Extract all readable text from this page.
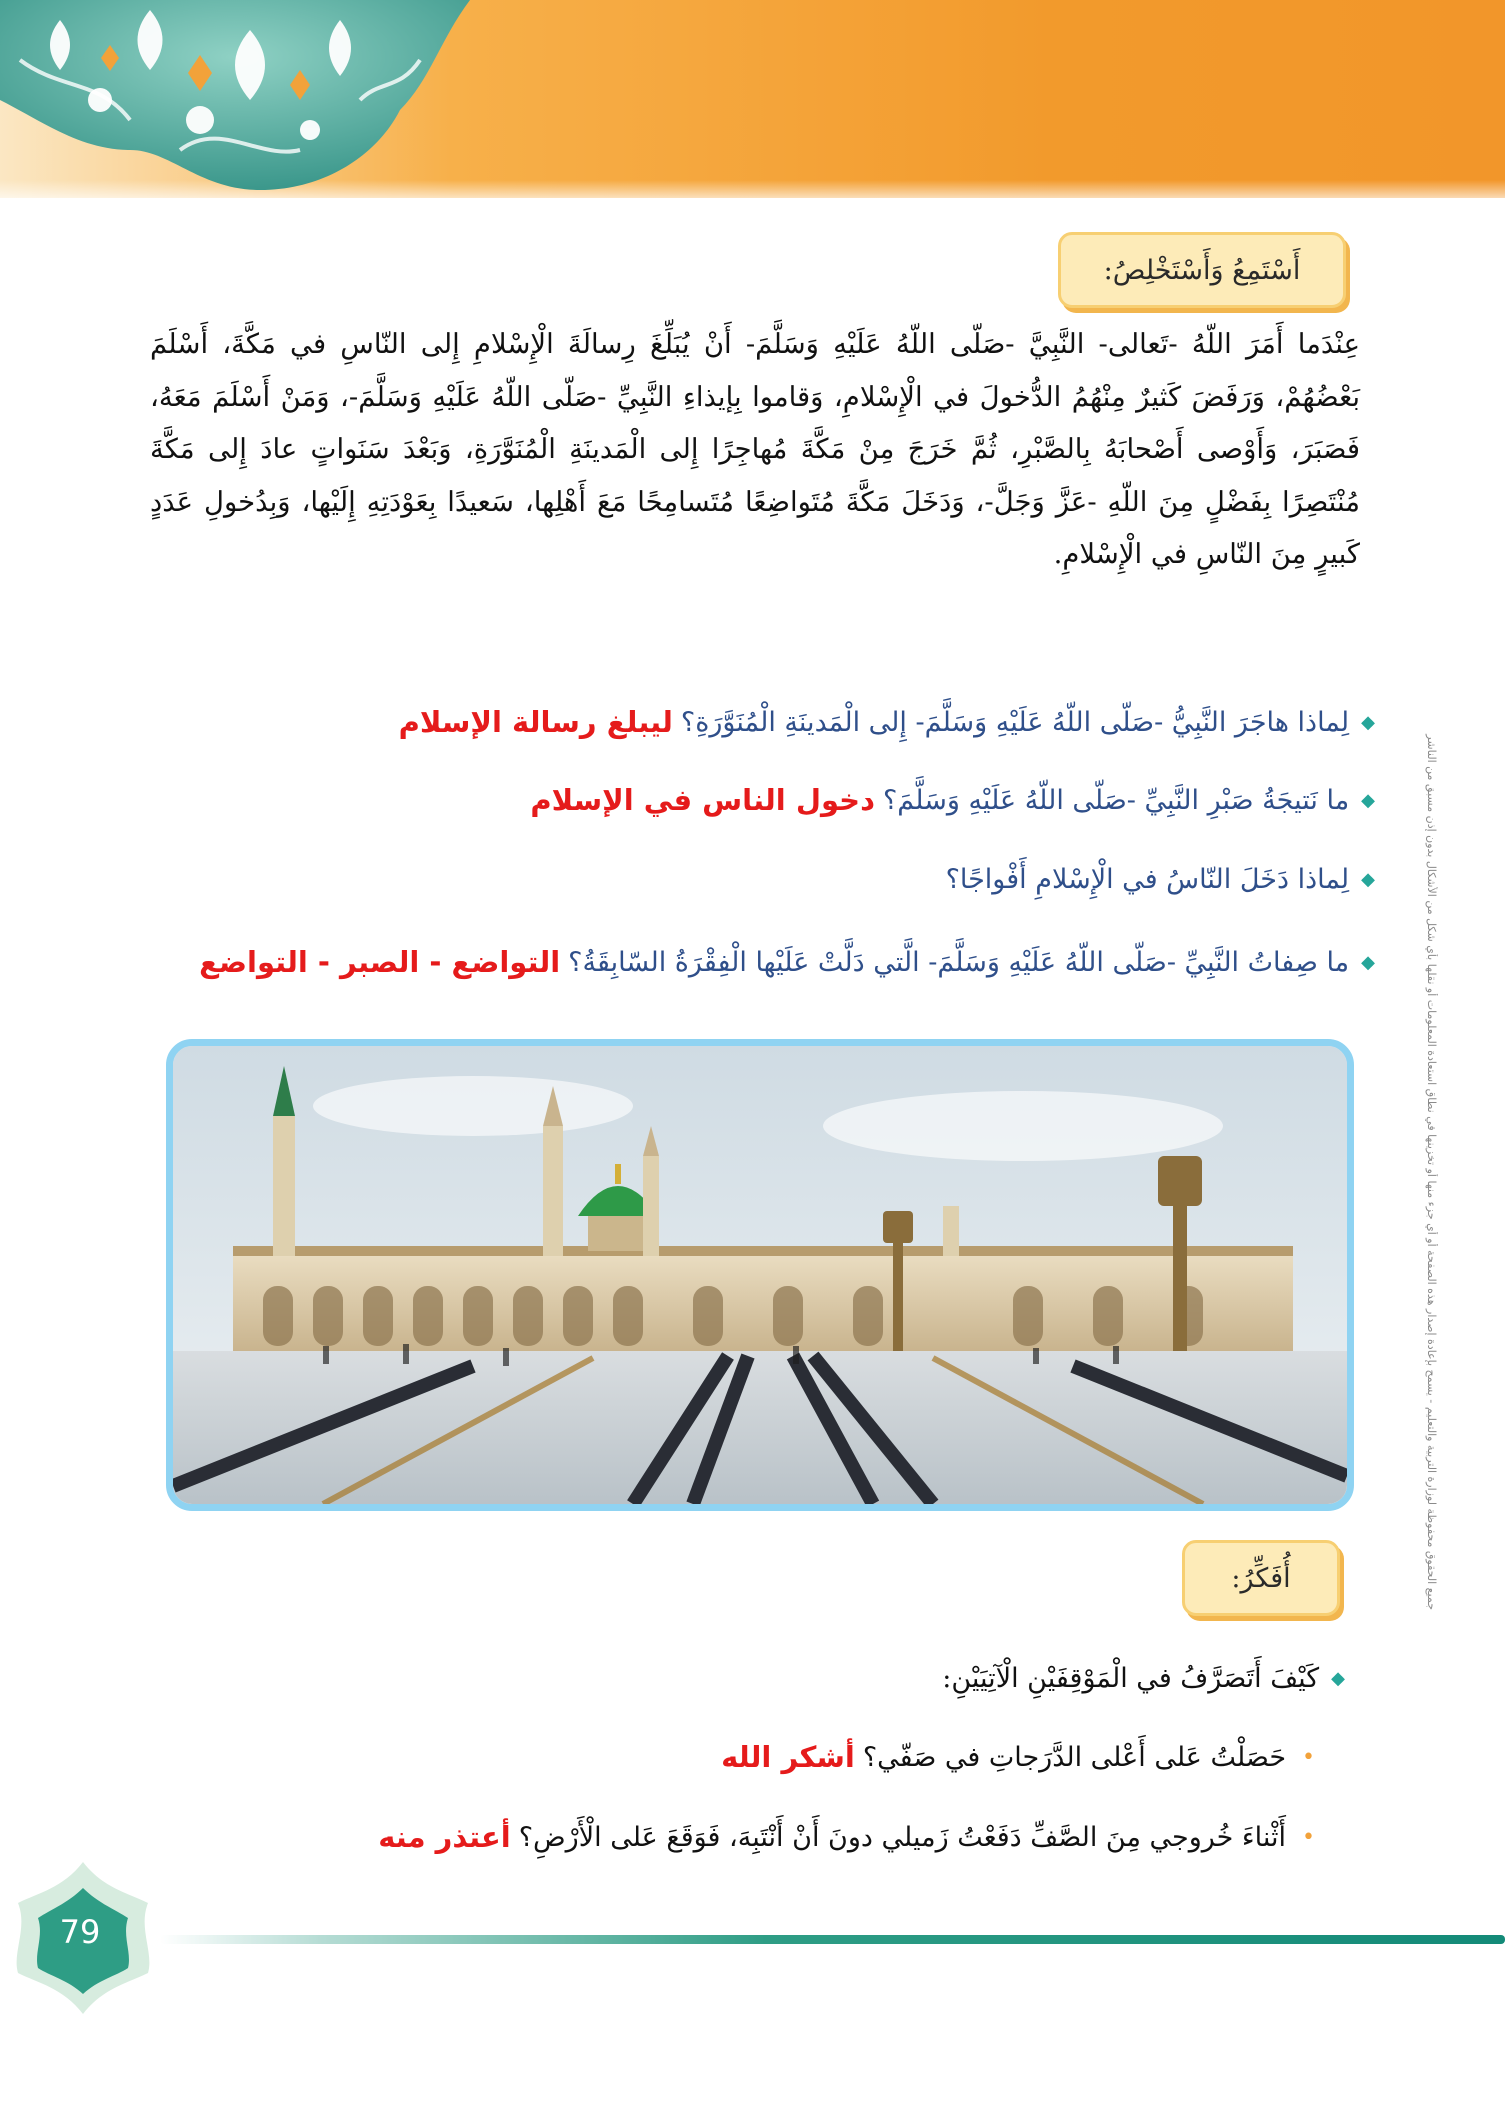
أَسْتَمِعُ وَأَسْتَخْلِصُ:
عِنْدَما أَمَرَ اللّهُ -تَعالى- النَّبِيَّ -صَلّى اللّهُ عَلَيْهِ وَسَلَّمَ- أَنْ يُبَلِّغَ رِسالَةَ الْإِسْلامِ إِلى النّاسِ في مَكَّةَ، أَسْلَمَ بَعْضُهُمْ، وَرَفَضَ كَثيرٌ مِنْهُمُ الدُّخولَ في الْإِسْلامِ، وَقاموا بِإيذاءِ النَّبِيِّ -صَلّى اللّهُ عَلَيْهِ وَسَلَّمَ-، وَمَنْ أَسْلَمَ مَعَهُ، فَصَبَرَ، وَأَوْصى أَصْحابَهُ بِالصَّبْرِ، ثُمَّ خَرَجَ مِنْ مَكَّةَ مُهاجِرًا إِلى الْمَدينَةِ الْمُنَوَّرَةِ، وَبَعْدَ سَنَواتٍ عادَ إِلى مَكَّةَ مُنْتَصِرًا بِفَضْلٍ مِنَ اللّهِ -عَزَّ وَجَلَّ-، وَدَخَلَ مَكَّةَ مُتَواضِعًا مُتَسامِحًا مَعَ أَهْلِها، سَعيدًا بِعَوْدَتِهِ إِلَيْها، وَبِدُخولِ عَدَدٍ كَبيرٍ مِنَ النّاسِ في الْإِسْلامِ.
◆
لِماذا هاجَرَ النَّبِيُّ -صَلّى اللّهُ عَلَيْهِ وَسَلَّمَ- إِلى الْمَدينَةِ الْمُنَوَّرَةِ؟
ليبلغ رسالة الإسلام
◆
ما نَتيجَةُ صَبْرِ النَّبِيِّ -صَلّى اللّهُ عَلَيْهِ وَسَلَّمَ؟
دخول الناس في الإسلام
◆
لِماذا دَخَلَ النّاسُ في الْإِسْلامِ أَفْواجًا؟
◆
ما صِفاتُ النَّبِيِّ -صَلّى اللّهُ عَلَيْهِ وَسَلَّمَ- الَّتي دَلَّتْ عَلَيْها الْفِقْرَةُ السّابِقَةُ؟
التواضع - الصبر - التواضع
أُفَكِّرُ:
◆
كَيْفَ أَتَصَرَّفُ في الْمَوْقِفَيْنِ الْآتِيَيْنِ:
•
حَصَلْتُ عَلى أَعْلى الدَّرَجاتِ في صَفّي؟
أشكر الله
•
أَثْناءَ خُروجي مِنَ الصَّفِّ دَفَعْتُ زَميلي دونَ أَنْ أَنْتَبِهَ، فَوَقَعَ عَلى الْأَرْضِ؟
أعتذر منه
79
جميع الحقوق محفوظة لوزارة التربية والتعليم - يسمح بإعادة إصدار هذه الصفحة أو أي جزء منها أو تخزينها في نطاق استعادة المعلومات أو نقلها بأي شكل من الأشكال بدون إذن مسبق من الناشر
